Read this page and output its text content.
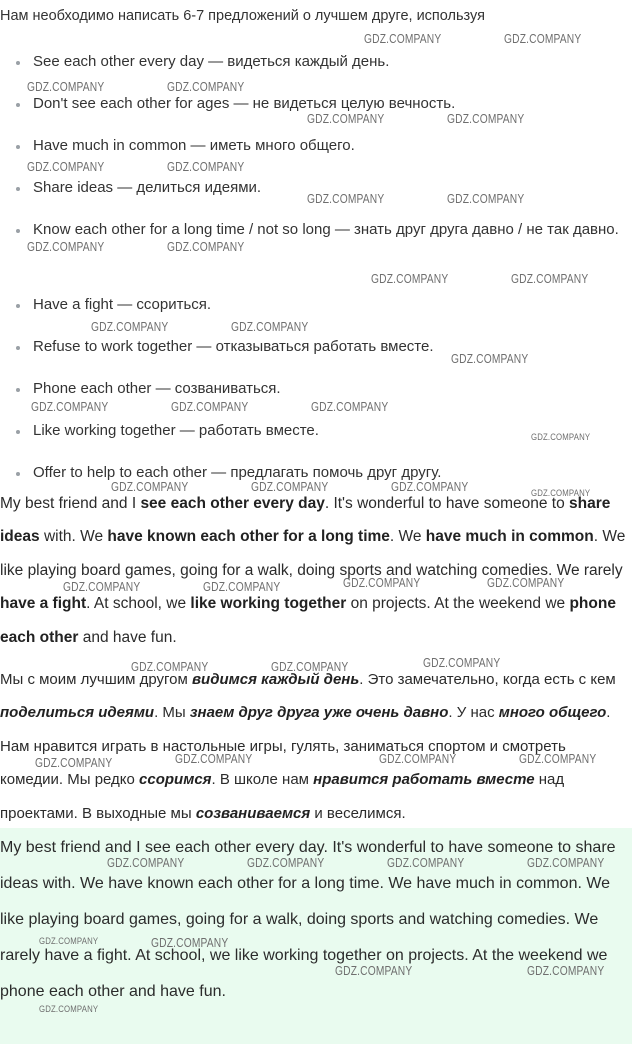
Нам необходимо написать 6-7 предложений о лучшем друге, используя
See each other every day — видеться каждый день.
Don't see each other for ages — не видеться целую вечность.
Have much in common — иметь много общего.
Share ideas — делиться идеями.
Know each other for a long time / not so long — знать друг друга давно / не так давно.
Have a fight — ссориться.
Refuse to work together — отказываться работать вместе.
Phone each other — созваниваться.
Like working together — работать вместе.
Offer to help to each other — предлагать помочь друг другу.

My best friend and I see each other every day. It's wonderful to have someone to share ideas with. We have known each other for a long time. We have much in common. We like playing board games, going for a walk, doing sports and watching comedies. We rarely have a fight. At school, we like working together on projects. At the weekend we phone each other and have fun.

Мы с моим лучшим другом видимся каждый день. Это замечательно, когда есть с кем поделиться идеями. Мы знаем друг друга уже очень давно. У нас много общего. Нам нравится играть в настольные игры, гулять, заниматься спортом и смотреть комедии. Мы редко ссоримся. В школе нам нравится работать вместе над проектами. В выходные мы созваниваемся и веселимся.

My best friend and I see each other every day. It's wonderful to have someone to share ideas with. We have known each other for a long time. We have much in common. We like playing board games, going for a walk, doing sports and watching comedies. We rarely have a fight. At school, we like working together on projects. At the weekend we phone each other and have fun.

GDZ.COMPANY	GDZ.COMPANY
GDZ.COMPANY	GDZ.COMPANY
GDZ.COMPANY	GDZ.COMPANY
GDZ.COMPANY	GDZ.COMPANY
GDZ.COMPANY	GDZ.COMPANY
GDZ.COMPANY	GDZ.COMPANY
GDZ.COMPANY	GDZ.COMPANY
GDZ.COMPANY	GDZ.COMPANY
GDZ.COMPANY
GDZ.COMPANY	GDZ.COMPANY	GDZ.COMPANY
GDZ.COMPANY
GDZ.COMPANY	GDZ.COMPANY	GDZ.COMPANY	GDZ.COMPANY
GDZ.COMPANY	GDZ.COMPANY	GDZ.COMPANY	GDZ.COMPANY
GDZ.COMPANY	GDZ.COMPANY	GDZ.COMPANY
GDZ.COMPANY	GDZ.COMPANY	GDZ.COMPANY	GDZ.COMPANY
GDZ.COMPANY	GDZ.COMPANY	GDZ.COMPANY	GDZ.COMPANY
GDZ.COMPANY	GDZ.COMPANY
GDZ.COMPANY	GDZ.COMPANY
GDZ.COMPANY
